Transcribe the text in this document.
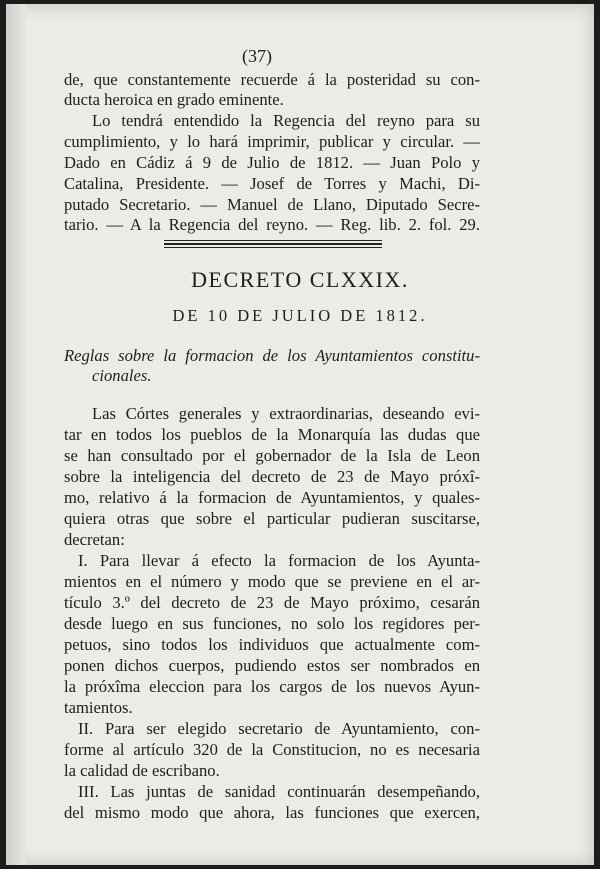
(37)
de, que constantemente recuerde á la posteridad su con-
ducta heroica en grado eminente.
Lo tendrá entendido la Regencia del reyno para su
cumplimiento, y lo hará imprimir, publicar y circular. —
Dado en Cádiz á 9 de Julio de 1812. — Juan Polo y
Catalina, Presidente. — Josef de Torres y Machi, Di-
putado Secretario. — Manuel de Llano, Diputado Secre-
tario. — A la Regencia del reyno. — Reg. lib. 2. fol. 29.
DECRETO CLXXIX.
DE 10 DE JULIO DE 1812.
Reglas sobre la formacion de los Ayuntamientos constitu-
cionales.
Las Córtes generales y extraordinarias, deseando evi-
tar en todos los pueblos de la Monarquía las dudas que
se han consultado por el gobernador de la Isla de Leon
sobre la inteligencia del decreto de 23 de Mayo próxî-
mo, relativo á la formacion de Ayuntamientos, y quales-
quiera otras que sobre el particular pudieran suscitarse,
decretan:
I. Para llevar á efecto la formacion de los Ayunta-
mientos en el número y modo que se previene en el ar-
tículo 3.º del decreto de 23 de Mayo próximo, cesarán
desde luego en sus funciones, no solo los regidores per-
petuos, sino todos los individuos que actualmente com-
ponen dichos cuerpos, pudiendo estos ser nombrados en
la próxîma eleccion para los cargos de los nuevos Ayun-
tamientos.
II. Para ser elegido secretario de Ayuntamiento, con-
forme al artículo 320 de la Constitucion, no es necesaria
la calidad de escribano.
III. Las juntas de sanidad continuarán desempeñando,
del mismo modo que ahora, las funciones que exercen,
